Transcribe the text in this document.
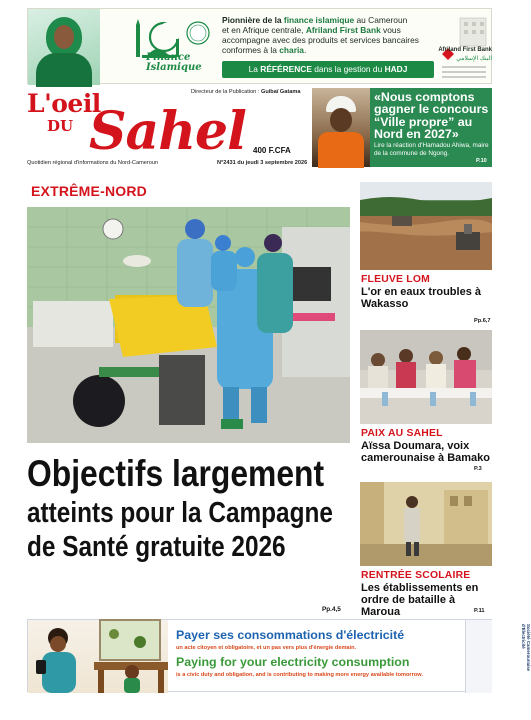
Finance Islamique
Pionnière de la finance islamique au Cameroun
et en Afrique centrale, Afriland First Bank vous
accompagne avec des produits et services bancaires
conformes à la charia.
La RÉFÉRENCE dans la gestion du HADJ
Afriland First Bank
البنك الإسلامي
L'oeil
DU Sahel
Directeur de la Publication : Guibaï Gatama
400 F.CFA
Quotidien régional d'informations du Nord-Cameroun	N°2431 du jeudi 3 septembre 2026
«Nous comptons gagner le concours “Ville propre” au Nord en 2027»
Lire la réaction d'Hamadou Ahiwa, maire de la commune de Ngong.
P.10
EXTRÊME-NORD
Objectifs largement
atteints pour la Campagne
de Santé gratuite 2026
Pp.4,5
FLEUVE LOM
L'or en eaux troubles à Wakasso
Pp.6,7
PAIX AU SAHEL
Aïssa Doumara, voix camerounaise à Bamako
P.3
RENTRÉE SCOLAIRE
Les établissements en ordre de bataille à Maroua	P.11
Payer ses consommations d'électricité
un acte citoyen et obligatoire, et un pas vers plus d'énergie demain.
Paying for your electricity consumption
is a civic duty and obligation, and is contributing to making more energy available tomorrow.
Société Camerounaise d'Électricité
